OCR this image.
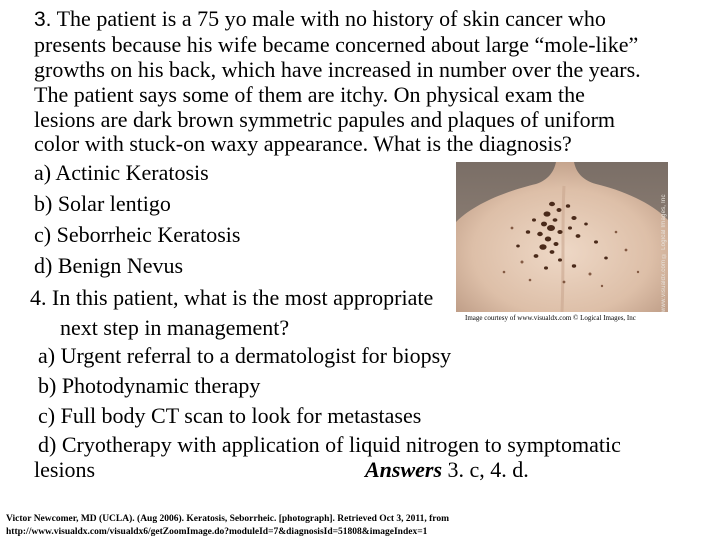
3. The patient is a 75 yo male with no history of skin cancer who
presents because his wife became concerned about large “mole-like”
growths on his back, which have increased in number over the years.
The patient says some of them are itchy. On physical exam the
lesions are dark brown symmetric papules and plaques of uniform
color with stuck-on waxy appearance. What is the diagnosis?
a) Actinic Keratosis
b) Solar lentigo
c) Seborrheic Keratosis
d) Benign Nevus	www.visualdx.com © Logical Images, Inc
Image courtesy of www.visualdx.com © Logical Images, Inc
4. In this patient, what is the most appropriate
next step in management?
a) Urgent referral to a dermatologist for biopsy
b) Photodynamic therapy
c) Full body CT scan to look for metastases
d) Cryotherapy with application of liquid nitrogen to symptomatic
lesions	Answers 3. c, 4. d.
Victor Newcomer, MD (UCLA). (Aug 2006). Keratosis, Seborrheic. [photograph]. Retrieved Oct 3, 2011, from
http://www.visualdx.com/visualdx6/getZoomImage.do?moduleId=7&diagnosisId=51808&imageIndex=1
